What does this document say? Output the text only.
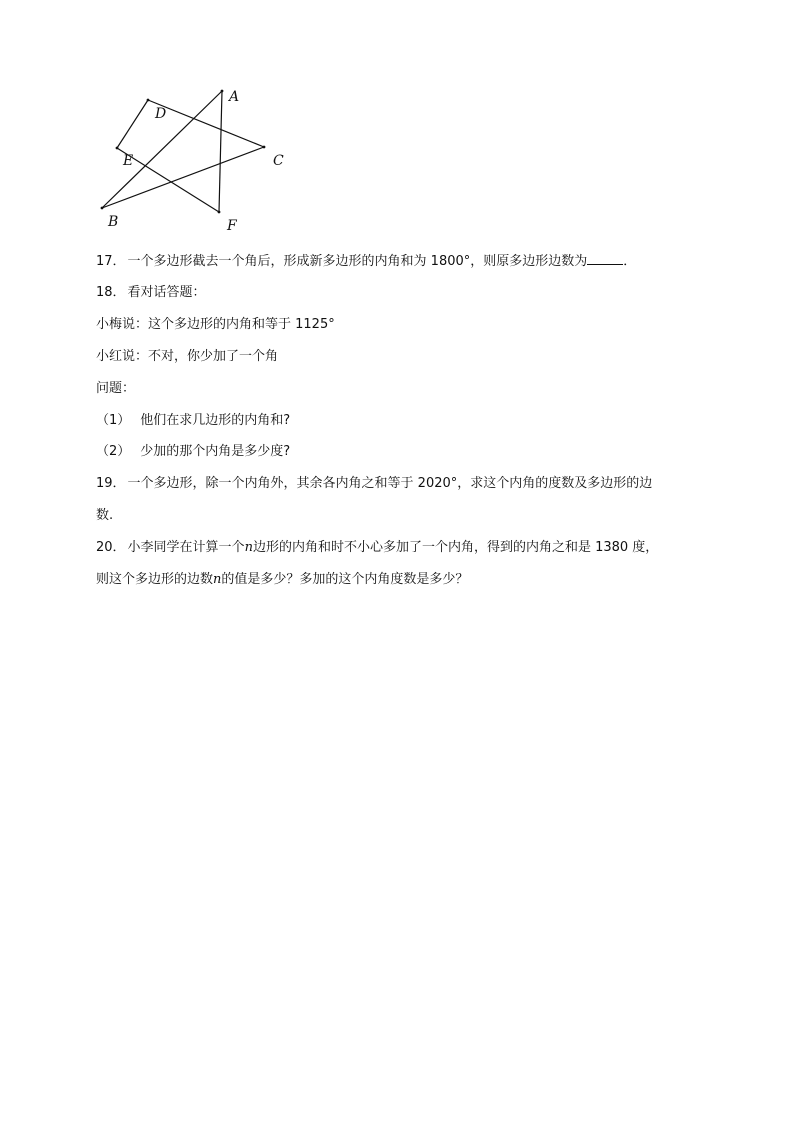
A
D
E	C
B	F
17． 一个多边形截去一个角后，形成新多边形的内角和为 1800°，则原多边形边数为	．
18． 看对话答题：
小梅说：这个多边形的内角和等于 1125°
小红说：不对，你少加了一个角
问题：
（1） 他们在求几边形的内角和?
（2） 少加的那个内角是多少度?
19． 一个多边形，除一个内角外，其余各内角之和等于 2020°，求这个内角的度数及多边形的边
数.
20． 小李同学在计算一个n边形的内角和时不小心多加了一个内角，得到的内角之和是 1380 度，
则这个多边形的边数n的值是多少？多加的这个内角度数是多少？
